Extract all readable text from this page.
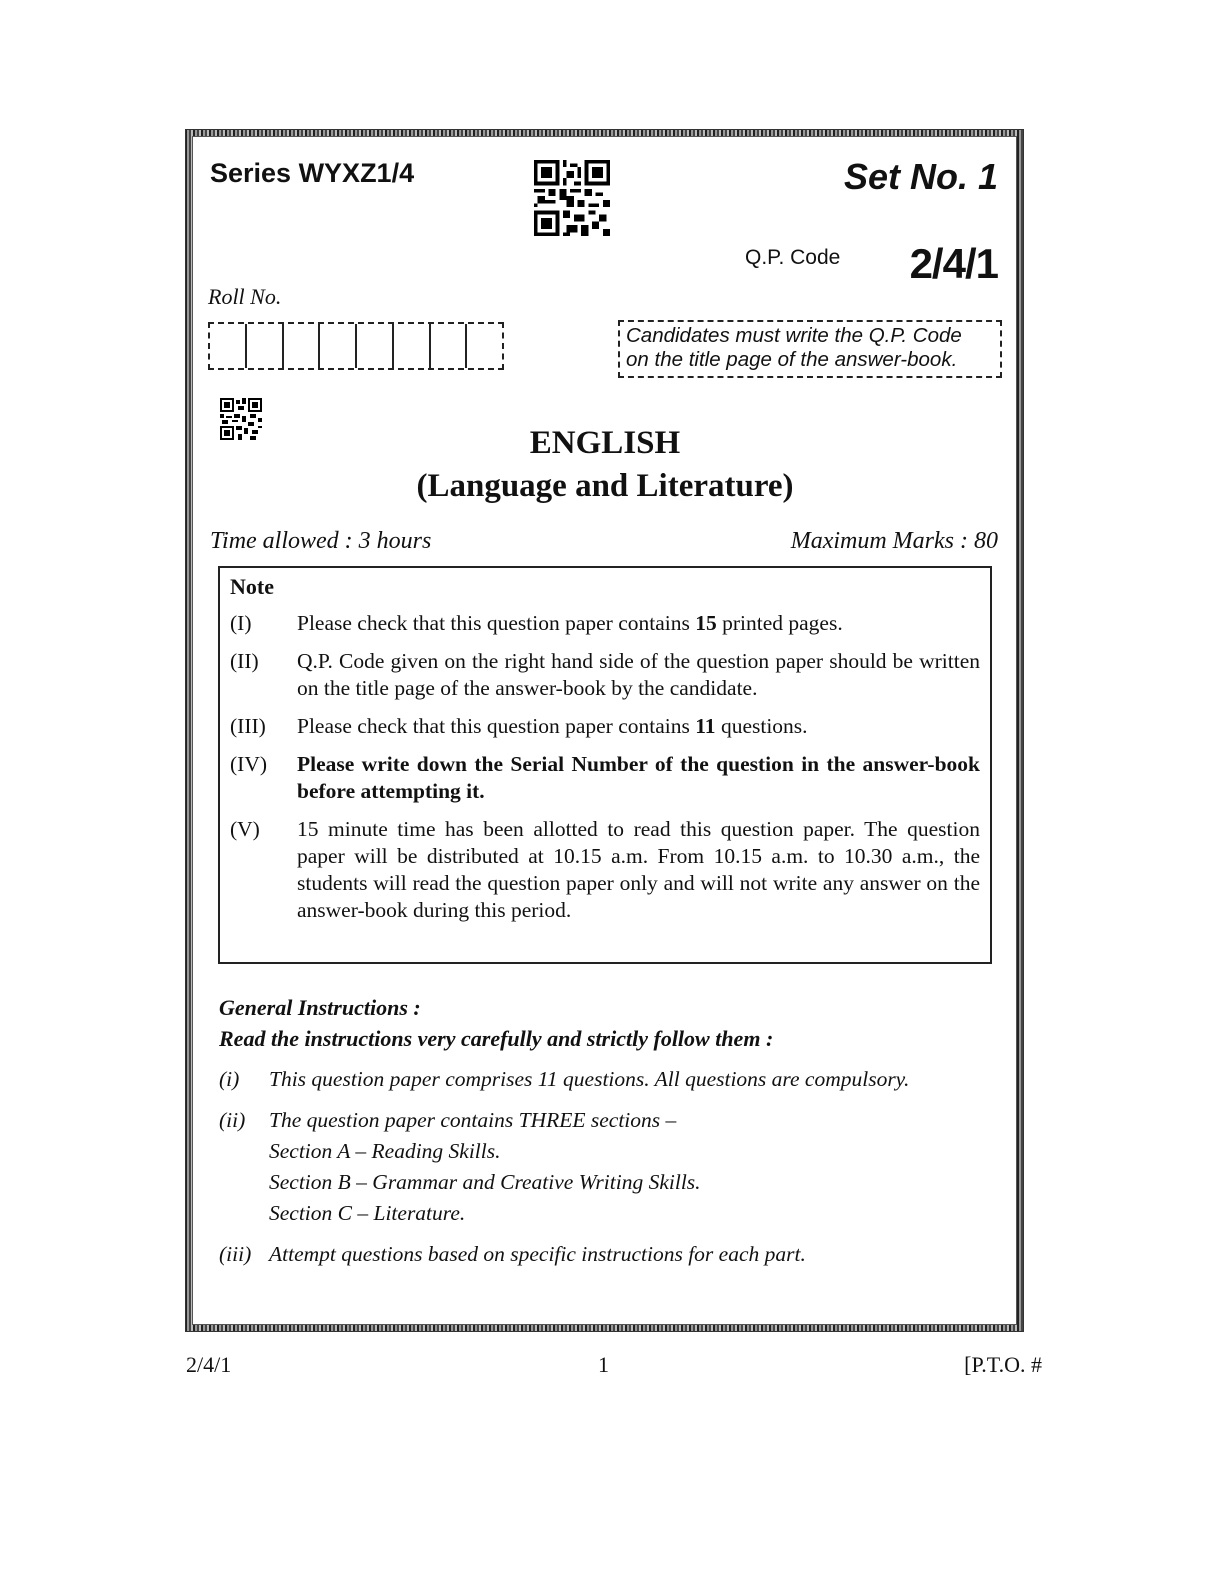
Series WYXZ1/4	Set No. 1
Q.P. Code 2/4/1
Roll No.
Candidates must write the Q.P. Code
on the title page of the answer-book.
ENGLISH
(Language and Literature)
Time allowed : 3 hours	Maximum Marks : 80
Note
(I)	Please check that this question paper contains 15 printed pages.
(II)	Q.P. Code given on the right hand side of the question paper should be written on the title page of the answer-book by the candidate.
(III)	Please check that this question paper contains 11 questions.
(IV)	Please write down the Serial Number of the question in the answer-book before attempting it.
(V)	15 minute time has been allotted to read this question paper. The question paper will be distributed at 10.15 a.m. From 10.15 a.m. to 10.30 a.m., the students will read the question paper only and will not write any answer on the answer-book during this period.
General Instructions :
Read the instructions very carefully and strictly follow them :
(i)	This question paper comprises 11 questions. All questions are compulsory.
(ii)	The question paper contains THREE sections –
Section A – Reading Skills.
Section B – Grammar and Creative Writing Skills.
Section C – Literature.
(iii) Attempt questions based on specific instructions for each part.
2/4/1	1	[P.T.O. #
